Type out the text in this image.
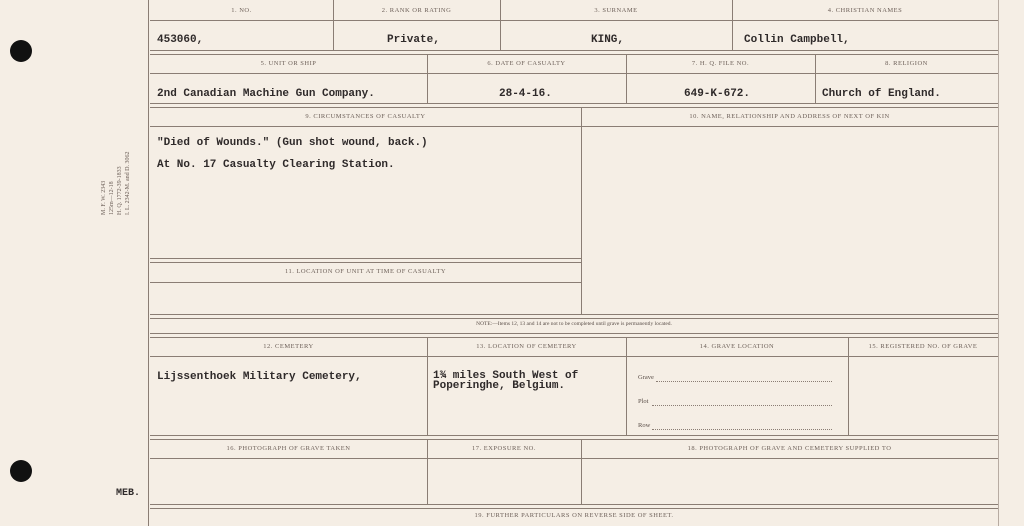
M. F. W. 2343 125m—12-18 H. Q. 1772-39-1833 I. L. 2342-M. and D. 3062
MEB.
1. NO.	2. RANK OR RATING	3. SURNAME	4. CHRISTIAN NAMES
453060,	Private,	KING,	Collin Campbell,
5. UNIT OR SHIP	6. DATE OF CASUALTY	7. H. Q. FILE NO.	8. RELIGION
2nd Canadian Machine Gun Company.	28-4-16.	649-K-672.	Church of England.
9. CIRCUMSTANCES OF CASUALTY	10. NAME, RELATIONSHIP AND ADDRESS OF NEXT OF KIN
"Died of Wounds." (Gun shot wound, back.)
At No. 17 Casualty Clearing Station.
11. LOCATION OF UNIT AT TIME OF CASUALTY
NOTE:—Items 12, 13 and 14 are not to be completed until grave is permanently located.
12. CEMETERY	13. LOCATION OF CEMETERY	14. GRAVE LOCATION	15. REGISTERED NO. OF GRAVE
Lijssenthoek Military Cemetery,	1¾ miles South West of
Poperinghe, Belgium.
Grave
Plot
Row
16. PHOTOGRAPH OF GRAVE TAKEN	17. EXPOSURE NO.	18. PHOTOGRAPH OF GRAVE AND CEMETERY SUPPLIED TO
19. FURTHER PARTICULARS ON REVERSE SIDE OF SHEET.
